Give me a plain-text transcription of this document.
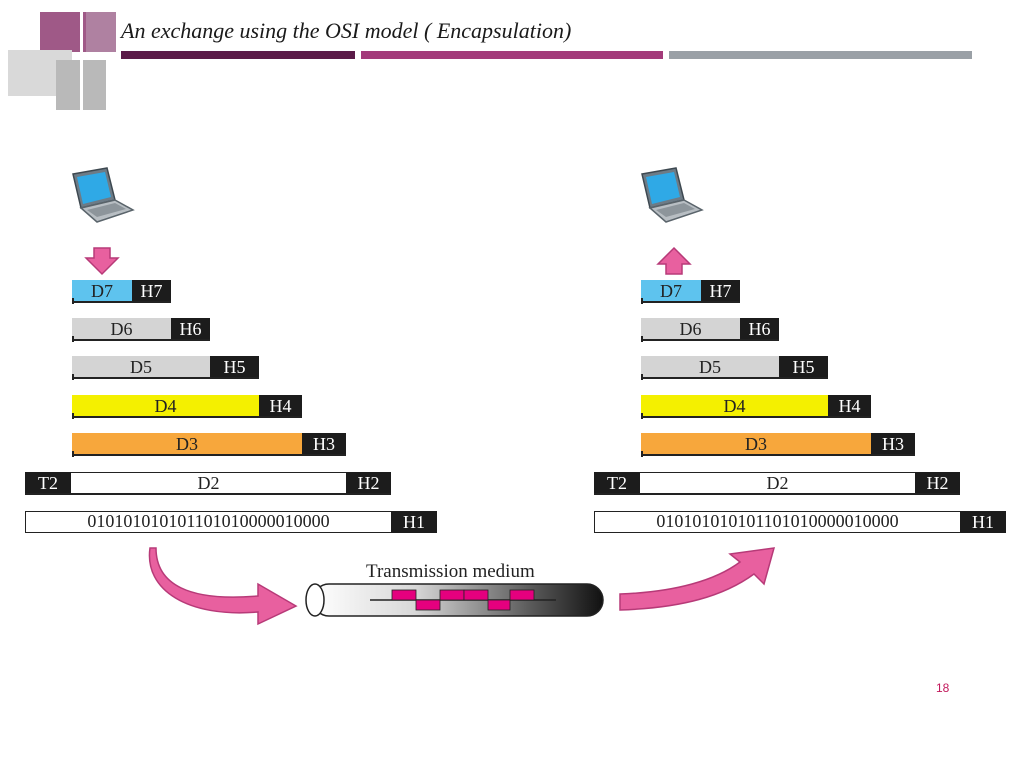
An exchange using the OSI model ( Encapsulation)
D7	H7
D6	H6
D5	H5
D4	H4
D3	H3
T2	D2	H2
010101010101101010000010000	H1
D7	H7
D6	H6
D5	H5
D4	H4
D3	H3
T2	D2	H2
010101010101101010000010000	H1
Transmission medium
18
